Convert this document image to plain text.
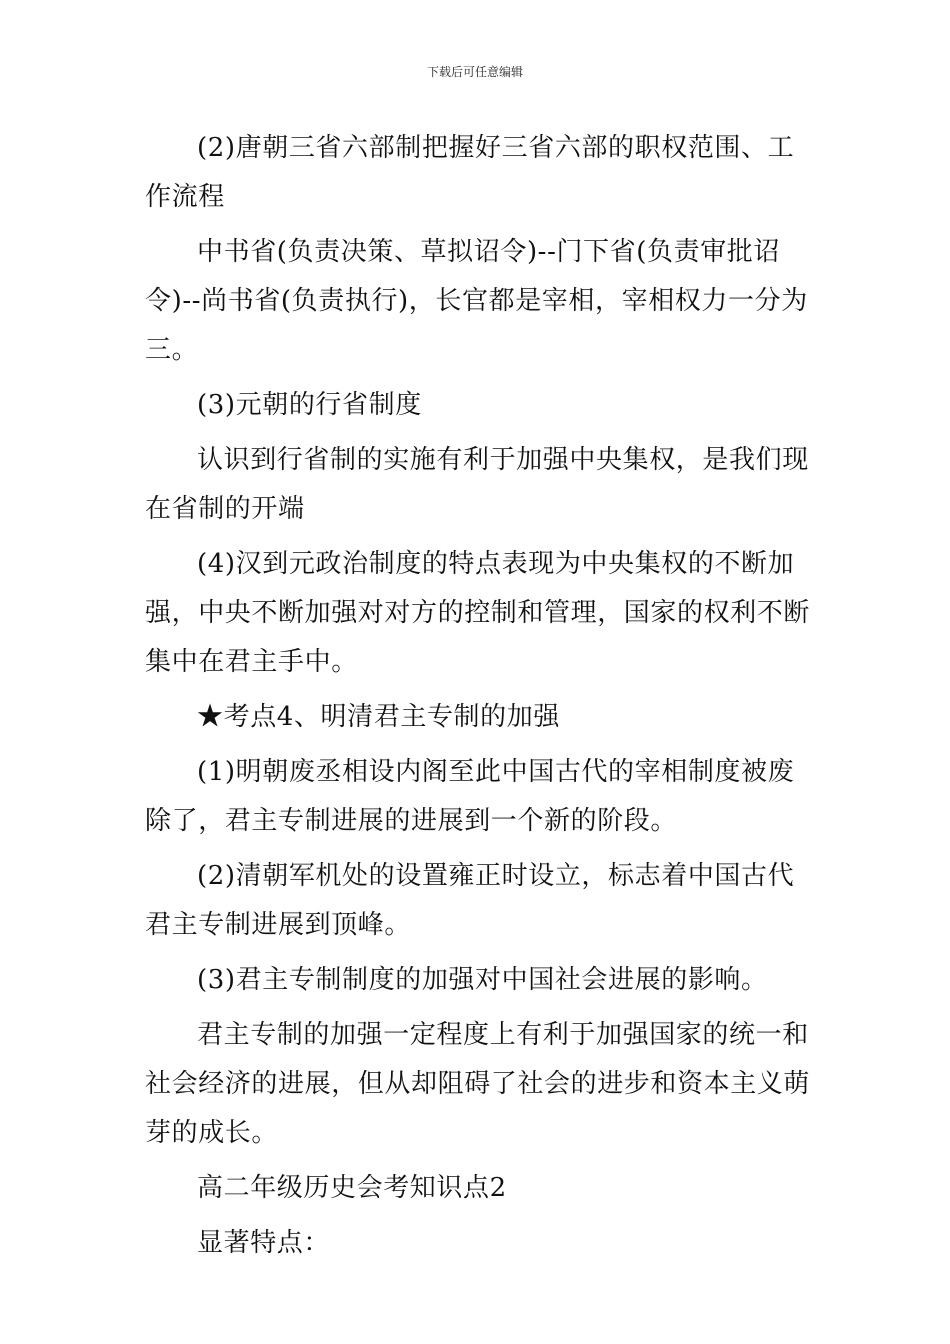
下载后可任意编辑

(2)唐朝三省六部制把握好三省六部的职权范围、工作流程

中书省(负责决策、草拟诏令)--门下省(负责审批诏令)--尚书省(负责执行)，长官都是宰相，宰相权力一分为三。

(3)元朝的行省制度

认识到行省制的实施有利于加强中央集权，是我们现在省制的开端

(4)汉到元政治制度的特点表现为中央集权的不断加强，中央不断加强对对方的控制和管理，国家的权利不断集中在君主手中。

★考点4、明清君主专制的加强

(1)明朝废丞相设内阁至此中国古代的宰相制度被废除了，君主专制进展的进展到一个新的阶段。

(2)清朝军机处的设置雍正时设立，标志着中国古代君主专制进展到顶峰。

(3)君主专制制度的加强对中国社会进展的影响。

君主专制的加强一定程度上有利于加强国家的统一和社会经济的进展，但从却阻碍了社会的进步和资本主义萌芽的成长。

高二年级历史会考知识点2

显著特点：
